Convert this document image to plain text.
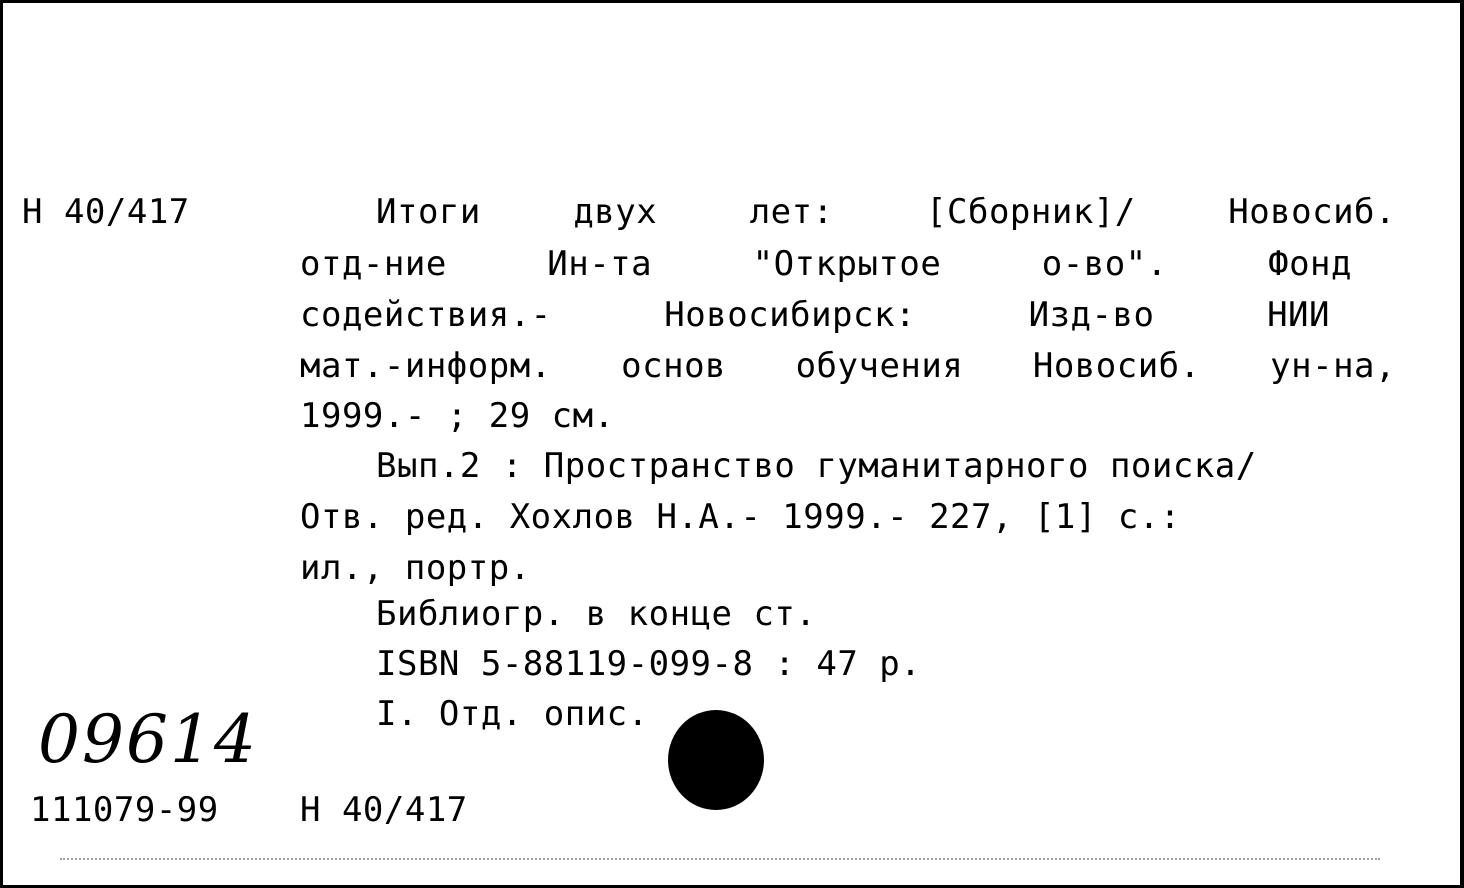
Н 40/417	Итоги	двух	лет:	[Сборник]/	Новосиб.
отд-ние	Ин-та	"Открытое	о-во".	Фонд
содействия.-	Новосибирск:	Изд-во	НИИ
мат.-информ. основ обучения Новосиб. ун-на,
1999.- ; 29 см.
Вып.2 : Пространство гуманитарного поиска/
Отв. ред. Хохлов Н.А.- 1999.- 227, [1] с.:
ил., портр.
Библиогр. в конце ст.
ISBN 5-88119-099-8 : 47 р.
I. Отд. опис.
09614
111079-99 Н 40/417
